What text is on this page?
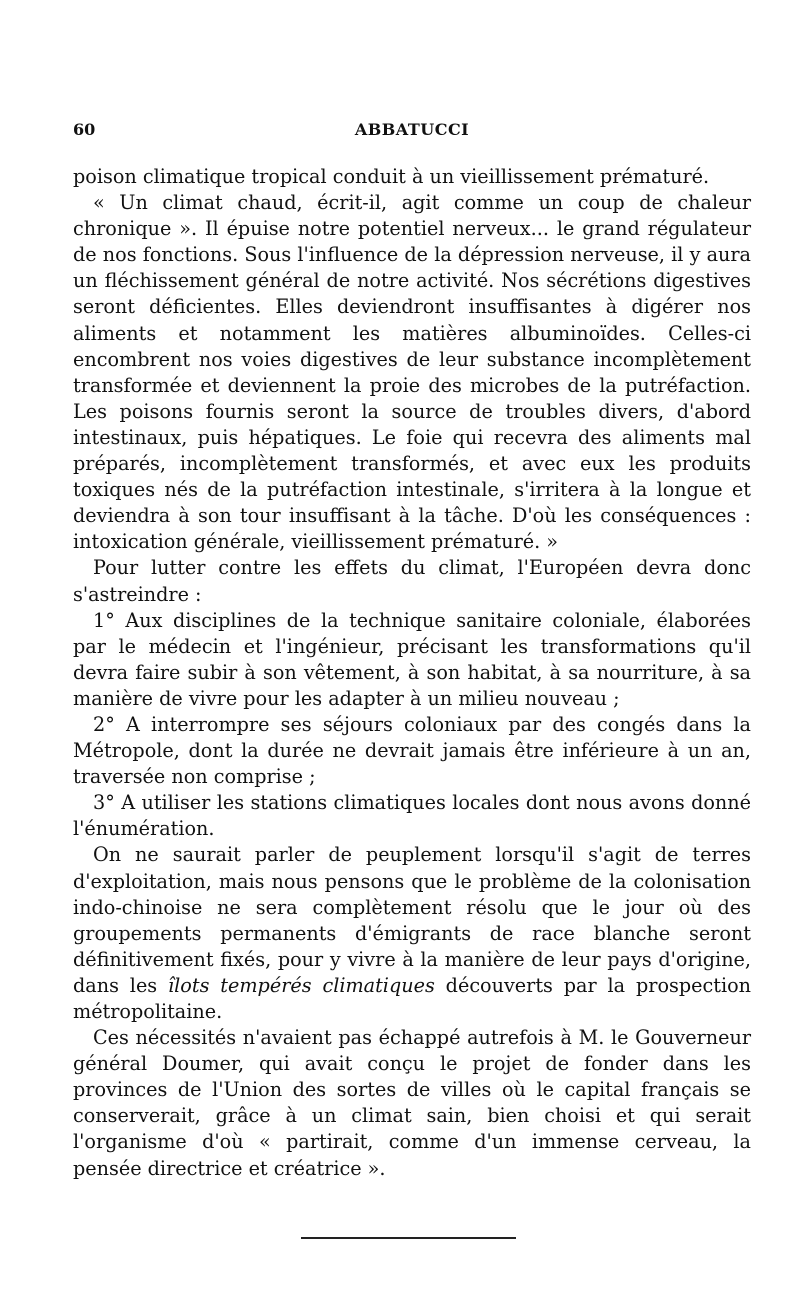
60	ABBATUCCI

poison climatique tropical conduit à un vieillissement prématuré.

« Un climat chaud, écrit-il, agit comme un coup de chaleur chronique ». Il épuise notre potentiel nerveux... le grand régulateur de nos fonctions. Sous l'influence de la dépression nerveuse, il y aura un fléchissement général de notre activité. Nos sécrétions digestives seront déficientes. Elles deviendront insuffisantes à digérer nos aliments et notamment les matières albuminoïdes. Celles-ci encombrent nos voies digestives de leur substance incomplètement transformée et deviennent la proie des microbes de la putréfaction. Les poisons fournis seront la source de troubles divers, d'abord intestinaux, puis hépatiques. Le foie qui recevra des aliments mal préparés, incomplètement transformés, et avec eux les produits toxiques nés de la putréfaction intestinale, s'irritera à la longue et deviendra à son tour insuffisant à la tâche. D'où les conséquences : intoxication générale, vieillissement prématuré. »

Pour lutter contre les effets du climat, l'Européen devra donc s'astreindre :

1° Aux disciplines de la technique sanitaire coloniale, élaborées par le médecin et l'ingénieur, précisant les transformations qu'il devra faire subir à son vêtement, à son habitat, à sa nourriture, à sa manière de vivre pour les adapter à un milieu nouveau ;

2° A interrompre ses séjours coloniaux par des congés dans la Métropole, dont la durée ne devrait jamais être inférieure à un an, traversée non comprise ;

3° A utiliser les stations climatiques locales dont nous avons donné l'énumération.

On ne saurait parler de peuplement lorsqu'il s'agit de terres d'exploitation, mais nous pensons que le problème de la colonisation indo-chinoise ne sera complètement résolu que le jour où des groupements permanents d'émigrants de race blanche seront définitivement fixés, pour y vivre à la manière de leur pays d'origine, dans les îlots tempérés climatiques découverts par la prospection métropolitaine.

Ces nécessités n'avaient pas échappé autrefois à M. le Gouverneur général Doumer, qui avait conçu le projet de fonder dans les provinces de l'Union des sortes de villes où le capital français se conserverait, grâce à un climat sain, bien choisi et qui serait l'organisme d'où « partirait, comme d'un immense cerveau, la pensée directrice et créatrice ».
